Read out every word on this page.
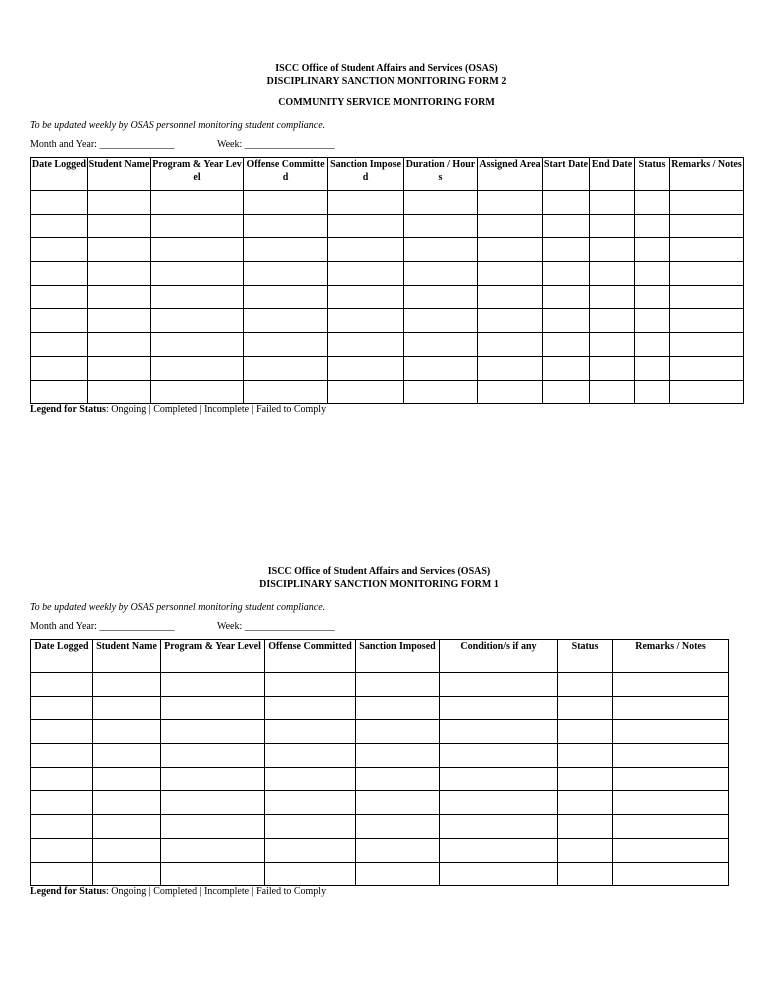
ISCC Office of Student Affairs and Services (OSAS)
DISCIPLINARY SANCTION MONITORING FORM 2
COMMUNITY SERVICE MONITORING FORM
To be updated weekly by OSAS personnel monitoring student compliance.
Month and Year: _______________	Week: __________________
Date Logged	Student Name	Program & Year Level	Offense Committed	Sanction Imposed	Duration / Hours	Assigned Area	Start Date	End Date	Status	Remarks / Notes

Legend for Status: Ongoing | Completed | Incomplete | Failed to Comply
ISCC Office of Student Affairs and Services (OSAS)
DISCIPLINARY SANCTION MONITORING FORM 1
To be updated weekly by OSAS personnel monitoring student compliance.
Month and Year: _______________	Week: __________________
Date Logged	Student Name	Program & Year Level	Offense Committed	Sanction Imposed	Condition/s if any	Status	Remarks / Notes

Legend for Status: Ongoing | Completed | Incomplete | Failed to Comply
